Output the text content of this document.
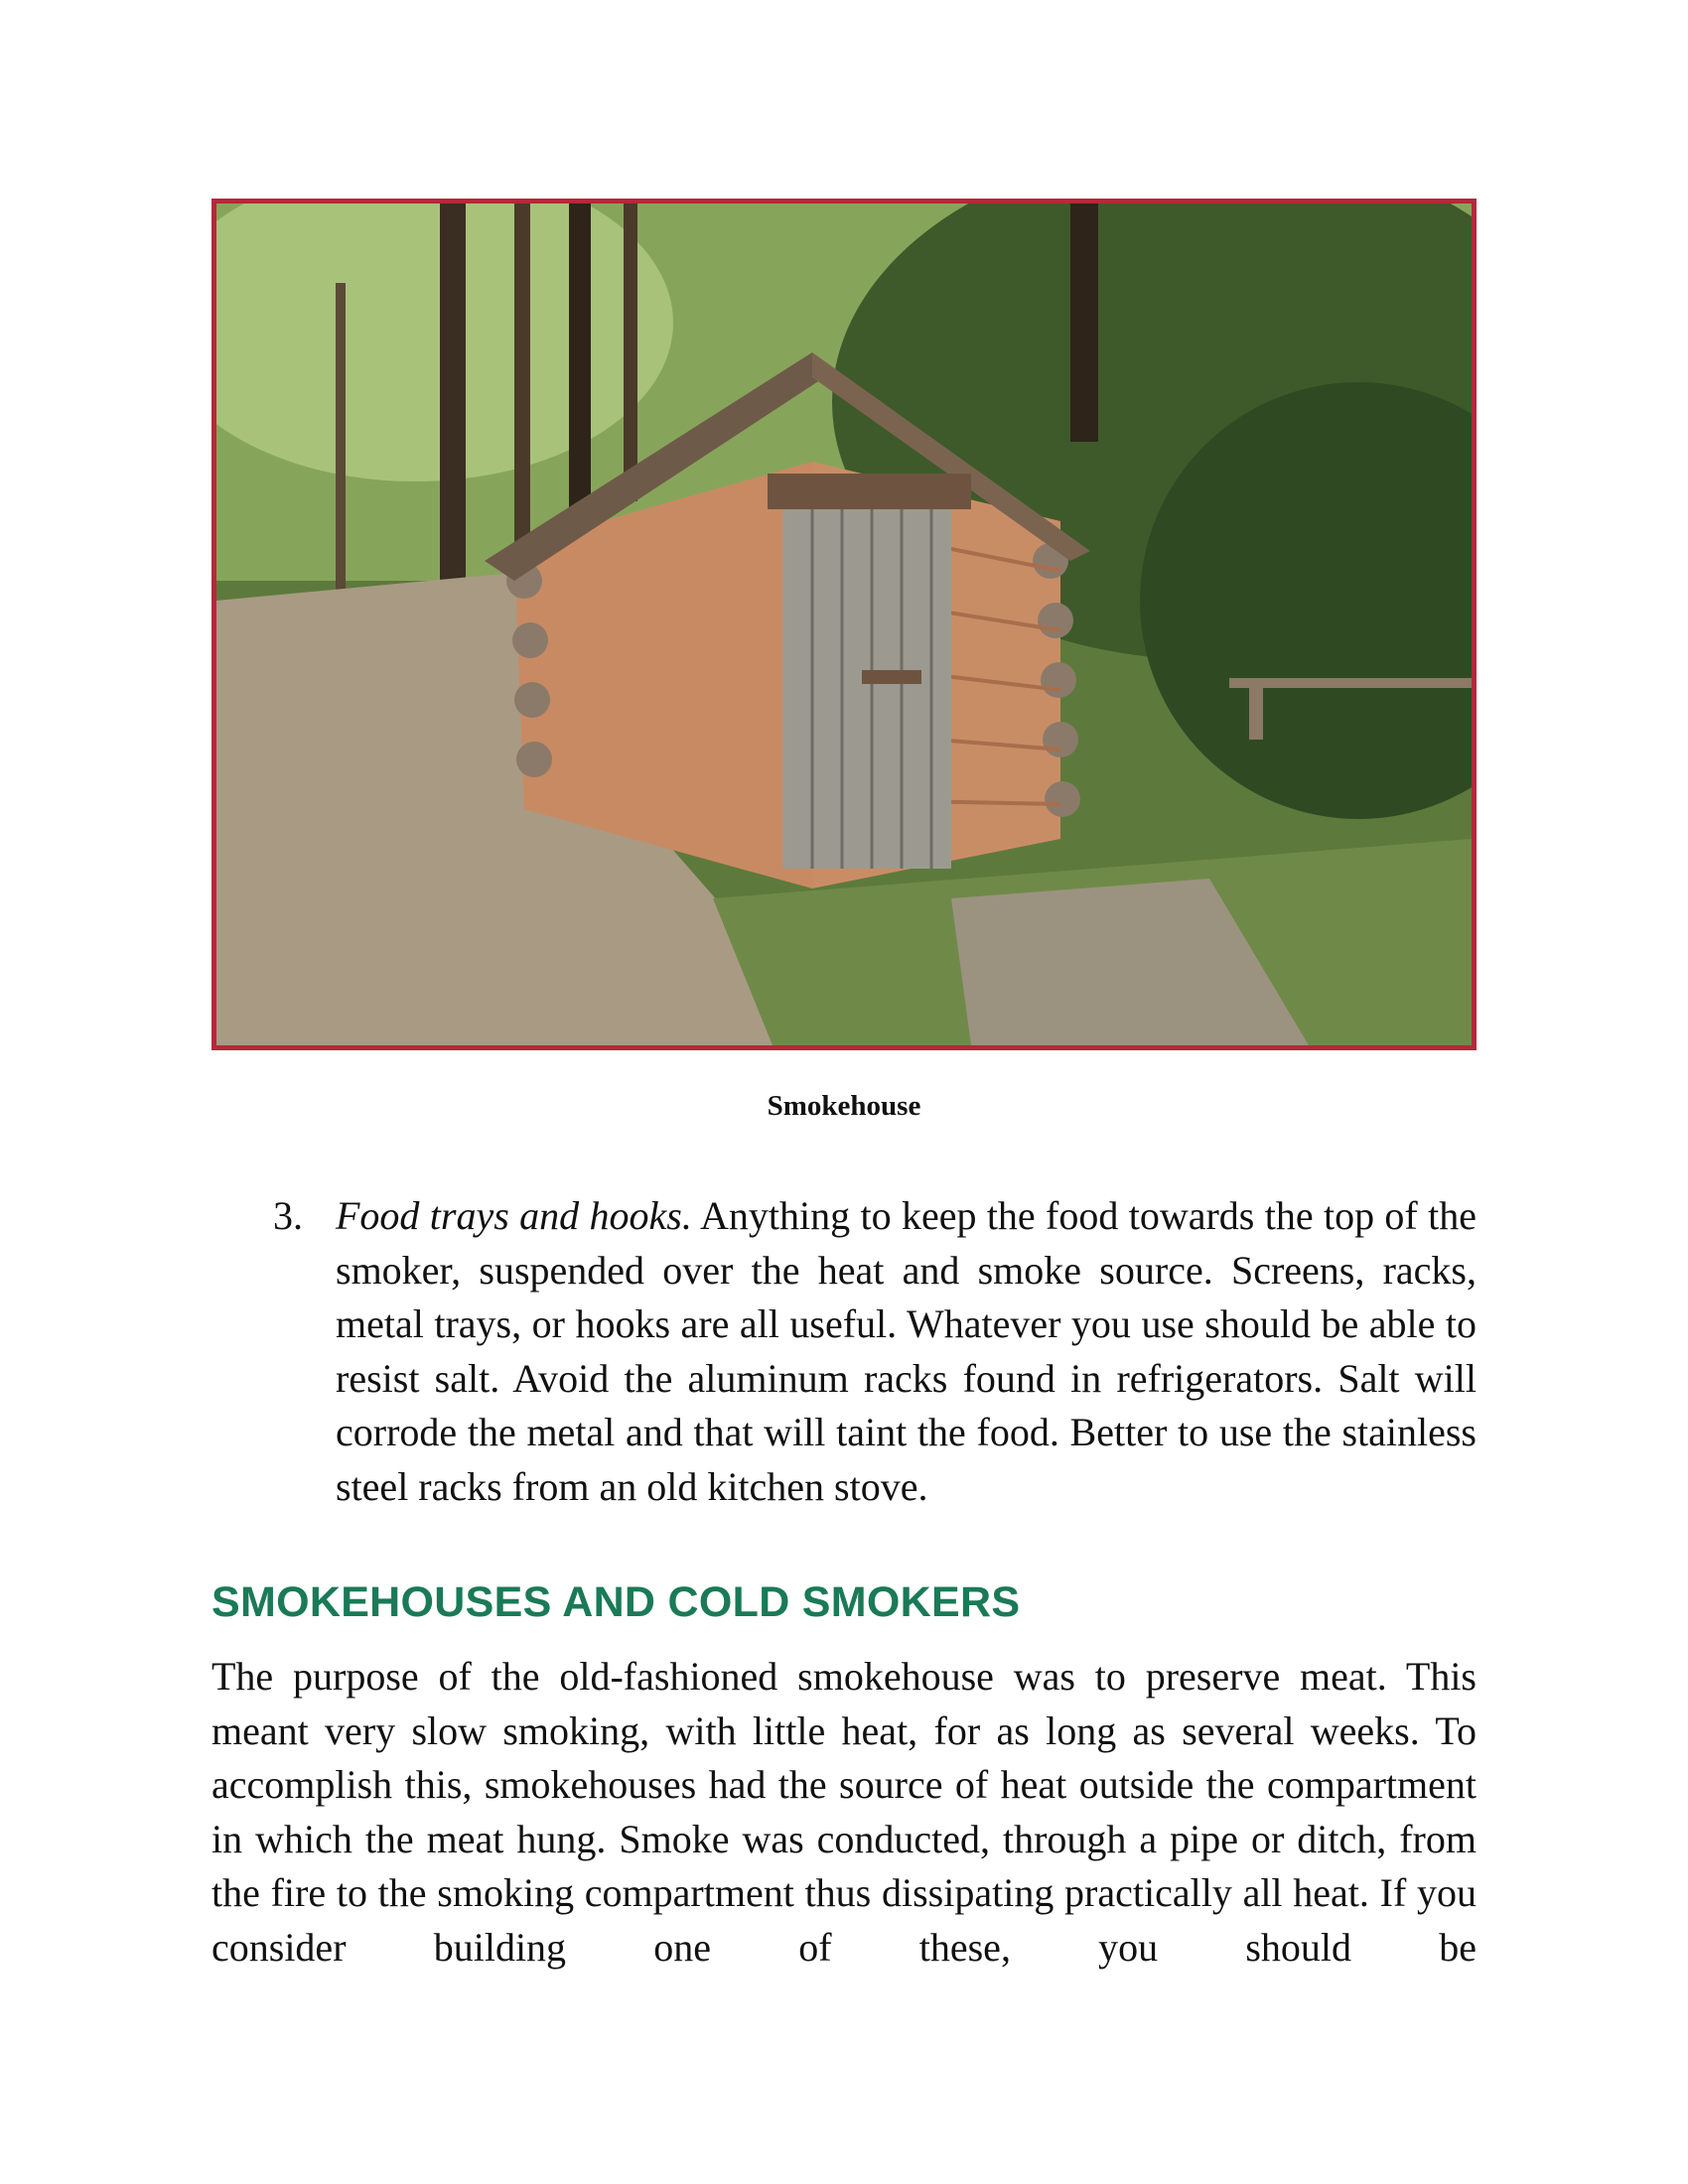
Smokehouse
3. Food trays and hooks. Anything to keep the food towards the top of the smoker, suspended over the heat and smoke source. Screens, racks, metal trays, or hooks are all useful. Whatever you use should be able to resist salt. Avoid the aluminum racks found in refrigerators. Salt will corrode the metal and that will taint the food. Better to use the stainless steel racks from an old kitchen stove.
SMOKEHOUSES AND COLD SMOKERS
The purpose of the old-fashioned smokehouse was to preserve meat. This meant very slow smoking, with little heat, for as long as several weeks. To accomplish this, smokehouses had the source of heat outside the compartment in which the meat hung. Smoke was conducted, through a pipe or ditch, from the fire to the smoking compartment thus dissipating practically all heat. If you consider building one of these, you should be
